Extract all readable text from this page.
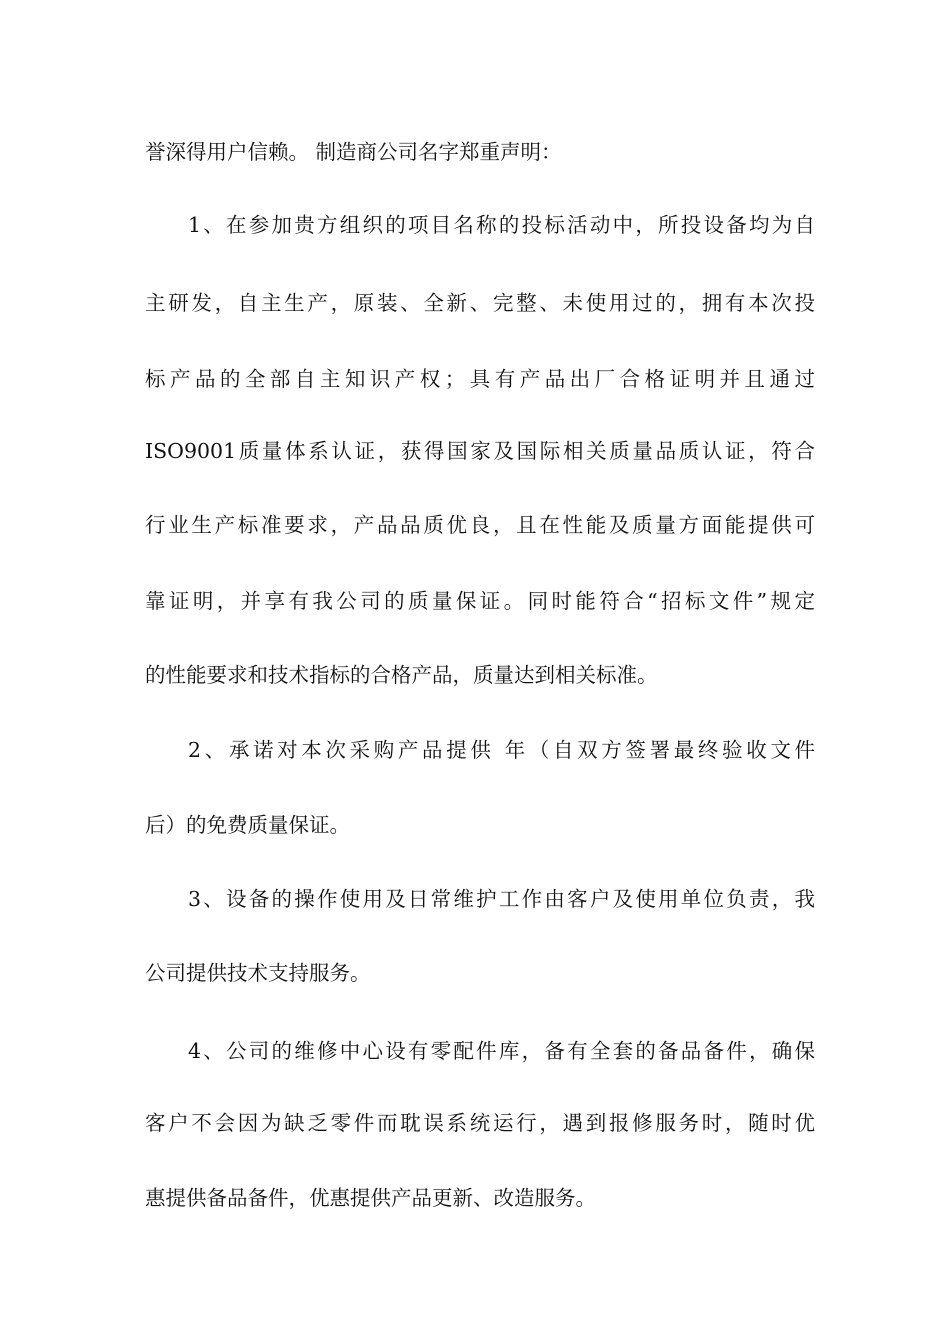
誉深得用户信赖。 制造商公司名字郑重声明：

1、在参加贵方组织的项目名称的投标活动中，所投设备均为自

主研发，自主生产，原装、全新、完整、未使用过的，拥有本次投

标产品的全部自主知识产权；具有产品出厂合格证明并且通过

ISO9001质量体系认证，获得国家及国际相关质量品质认证，符合

行业生产标准要求，产品品质优良，且在性能及质量方面能提供可

靠证明，并享有我公司的质量保证。同时能符合“招标文件”规定

的性能要求和技术指标的合格产品，质量达到相关标准。

2、承诺对本次采购产品提供 年（自双方签署最终验收文件

后）的免费质量保证。

3、设备的操作使用及日常维护工作由客户及使用单位负责，我

公司提供技术支持服务。

4、公司的维修中心设有零配件库，备有全套的备品备件，确保

客户不会因为缺乏零件而耽误系统运行，遇到报修服务时，随时优

惠提供备品备件，优惠提供产品更新、改造服务。
